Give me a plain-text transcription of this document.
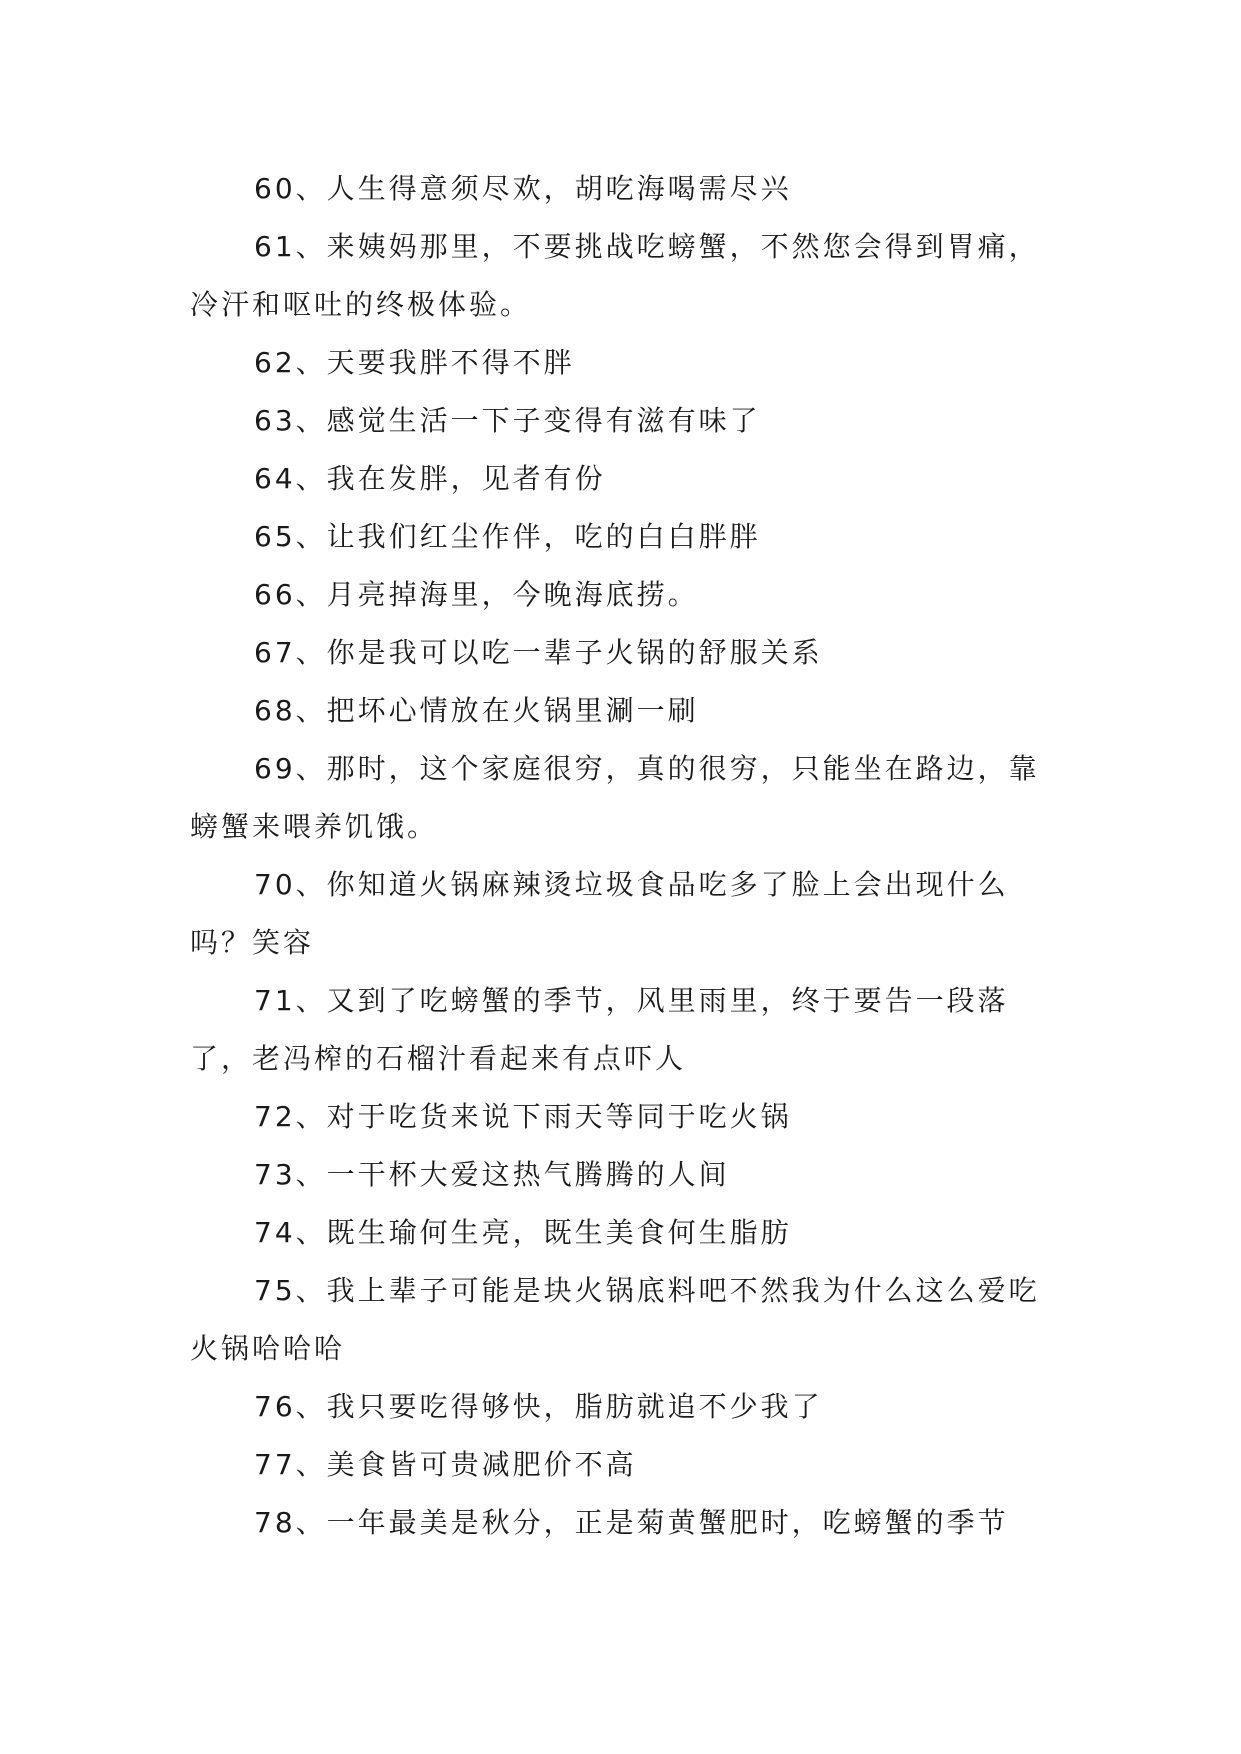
60、人生得意须尽欢，胡吃海喝需尽兴

61、来姨妈那里，不要挑战吃螃蟹，不然您会得到胃痛，冷汗和呕吐的终极体验。

62、天要我胖不得不胖

63、感觉生活一下子变得有滋有味了

64、我在发胖，见者有份

65、让我们红尘作伴，吃的白白胖胖

66、月亮掉海里，今晚海底捞。

67、你是我可以吃一辈子火锅的舒服关系

68、把坏心情放在火锅里涮一刷

69、那时，这个家庭很穷，真的很穷，只能坐在路边，靠螃蟹来喂养饥饿。

70、你知道火锅麻辣烫垃圾食品吃多了脸上会出现什么吗？笑容

71、又到了吃螃蟹的季节，风里雨里，终于要告一段落了，老冯榨的石榴汁看起来有点吓人

72、对于吃货来说下雨天等同于吃火锅

73、一干杯大爱这热气腾腾的人间

74、既生瑜何生亮，既生美食何生脂肪

75、我上辈子可能是块火锅底料吧不然我为什么这么爱吃火锅哈哈哈

76、我只要吃得够快，脂肪就追不少我了

77、美食皆可贵减肥价不高

78、一年最美是秋分，正是菊黄蟹肥时，吃螃蟹的季节
